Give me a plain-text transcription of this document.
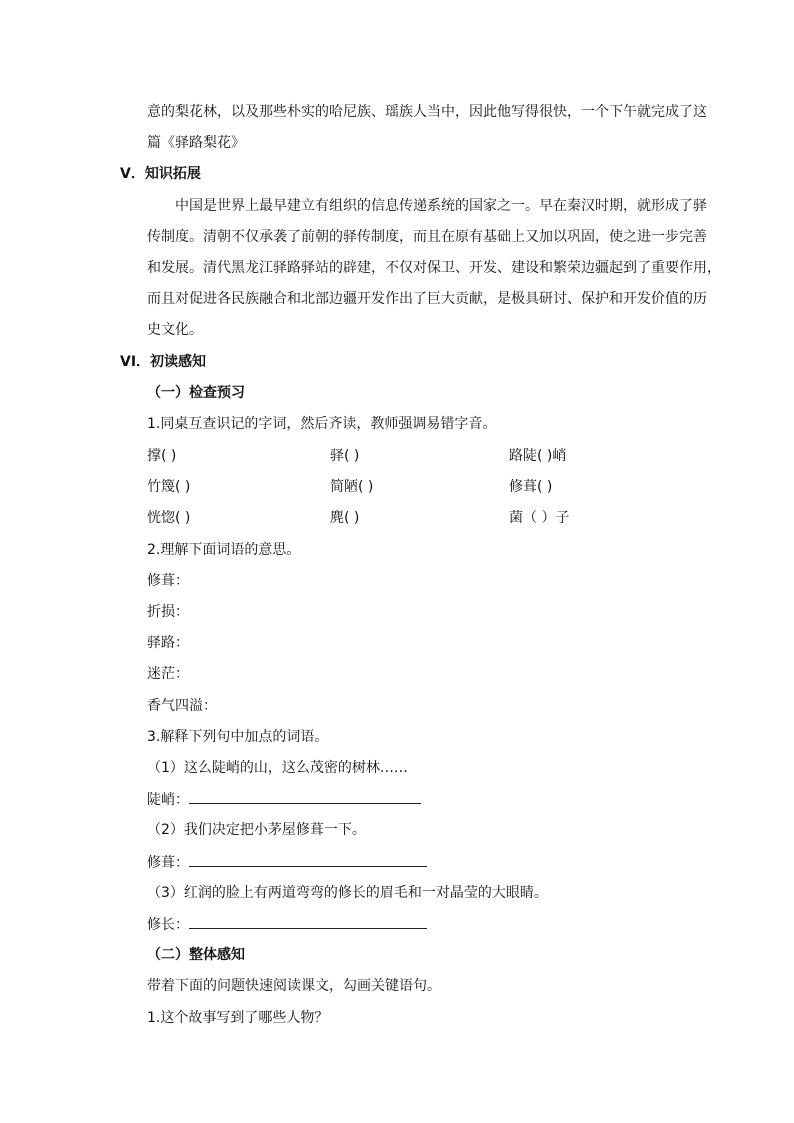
意的梨花林，以及那些朴实的哈尼族、瑶族人当中，因此他写得很快，一个下午就完成了这
篇《驿路梨花》
V．知识拓展
中国是世界上最早建立有组织的信息传递系统的国家之一。早在秦汉时期，就形成了驿
传制度。清朝不仅承袭了前朝的驿传制度，而且在原有基础上又加以巩固，使之进一步完善
和发展。清代黑龙江驿路驿站的辟建，不仅对保卫、开发、建设和繁荣边疆起到了重要作用，
而且对促进各民族融合和北部边疆开发作出了巨大贡献，是极具研讨、保护和开发价值的历
史文化。
VI．初读感知
（一）检查预习
1.同桌互查识记的字词，然后齐读，教师强调易错字音。
撑( )	驿( )	路陡( )峭
竹篾( )	简陋( )	修葺( )
恍惚( )	麂( )	菌（ ）子
2.理解下面词语的意思。
修葺：
折损：
驿路：
迷茫：
香气四溢：
3.解释下列句中加点的词语。
（1）这么陡峭的山，这么茂密的树林……
陡峭：
（2）我们决定把小茅屋修葺一下。
修葺：
（3）红润的脸上有两道弯弯的修长的眉毛和一对晶莹的大眼睛。
修长：
（二）整体感知
带着下面的问题快速阅读课文，勾画关键语句。
1.这个故事写到了哪些人物？
